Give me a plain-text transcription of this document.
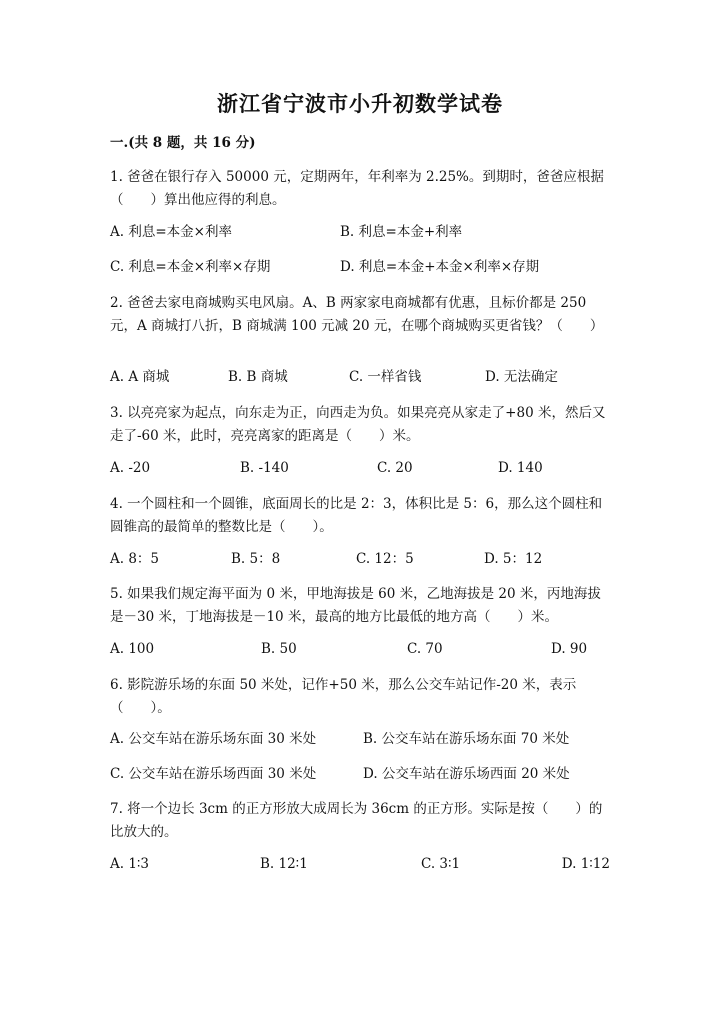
浙江省宁波市小升初数学试卷
一.(共 8 题，共 16 分)
1. 爸爸在银行存入 50000 元，定期两年，年利率为 2.25%。到期时，爸爸应根据（　　）算出他应得的利息。
A. 利息=本金×利率	B. 利息=本金+利率
C. 利息=本金×利率×存期	D. 利息=本金+本金×利率×存期
2. 爸爸去家电商城购买电风扇。A、B 两家家电商城都有优惠，且标价都是 250 元，A 商城打八折，B 商城满 100 元减 20 元，在哪个商城购买更省钱？（　　）
A. A 商城	B. B 商城	C. 一样省钱	D. 无法确定
3. 以亮亮家为起点，向东走为正，向西走为负。如果亮亮从家走了+80 米，然后又走了-60 米，此时，亮亮离家的距离是（　　）米。
A. -20	B. -140	C. 20	D. 140
4. 一个圆柱和一个圆锥，底面周长的比是 2：3，体积比是 5：6，那么这个圆柱和圆锥高的最简单的整数比是（　　）。
A. 8：5	B. 5：8	C. 12：5	D. 5：12
5. 如果我们规定海平面为 0 米，甲地海拔是 60 米，乙地海拔是 20 米，丙地海拔是－30 米，丁地海拔是－10 米，最高的地方比最低的地方高（　　）米。
A. 100	B. 50	C. 70	D. 90
6. 影院游乐场的东面 50 米处，记作+50 米，那么公交车站记作-20 米，表示（　　）。
A. 公交车站在游乐场东面 30 米处	B. 公交车站在游乐场东面 70 米处
C. 公交车站在游乐场西面 30 米处	D. 公交车站在游乐场西面 20 米处
7. 将一个边长 3cm 的正方形放大成周长为 36cm 的正方形。实际是按（　　）的比放大的。
A. 1∶3	B. 12∶1	C. 3∶1	D. 1∶12
